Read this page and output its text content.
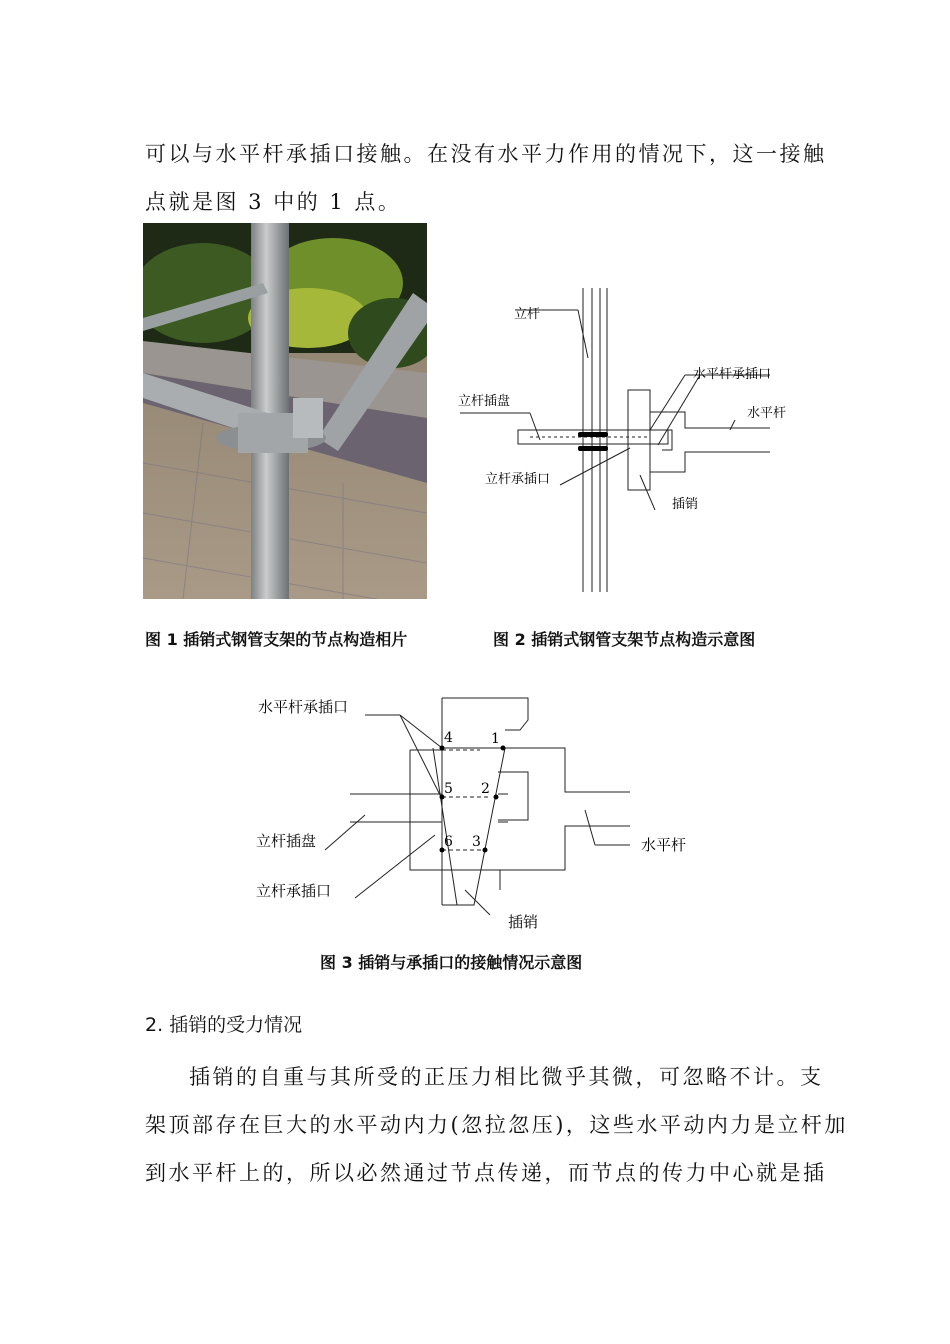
可以与水平杆承插口接触。在没有水平力作用的情况下，这一接触

点就是图 3 中的 1 点。

立杆
水平杆承插口
立杆插盘
水平杆
立杆承插口
插销
图 1 插销式钢管支架的节点构造相片	图 2 插销式钢管支架节点构造示意图
1
2
3
4
5
6
水平杆承插口
立杆插盘
立杆承插口
水平杆
插销
图 3 插销与承插口的接触情况示意图
2. 插销的受力情况

插销的自重与其所受的正压力相比微乎其微，可忽略不计。支

架顶部存在巨大的水平动内力(忽拉忽压)，这些水平动内力是立杆加

到水平杆上的，所以必然通过节点传递，而节点的传力中心就是插
